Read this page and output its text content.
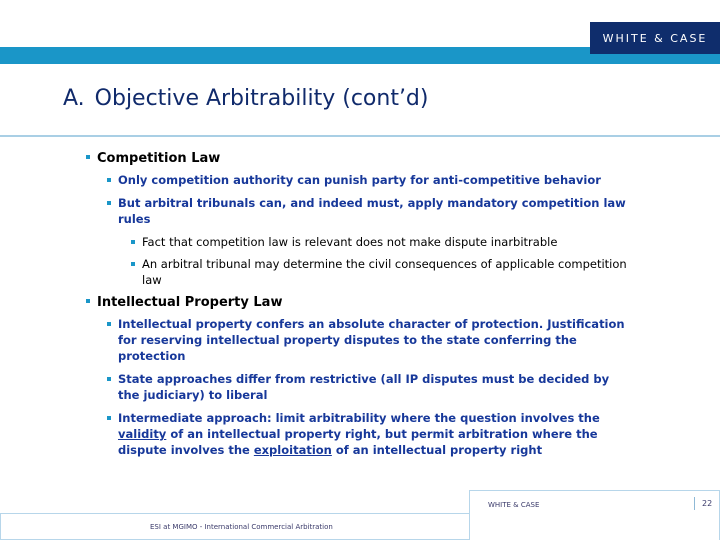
WHITE & CASE
A. Objective Arbitrability (cont’d)
Competition Law
Only competition authority can punish party for anti-competitive behavior
But arbitral tribunals can, and indeed must, apply mandatory competition law rules
Fact that competition law is relevant does not make dispute inarbitrable
An arbitral tribunal may determine the civil consequences of applicable competition law
Intellectual Property Law
Intellectual property confers an absolute character of protection. Justification for reserving intellectual property disputes to the state conferring the protection
State approaches differ from restrictive (all IP disputes must be decided by the judiciary) to liberal
Intermediate approach: limit arbitrability where the question involves the validity of an intellectual property right, but permit arbitration where the dispute involves the exploitation of an intellectual property right
ESI at MGIMO - International Commercial Arbitration
WHITE & CASE	22
